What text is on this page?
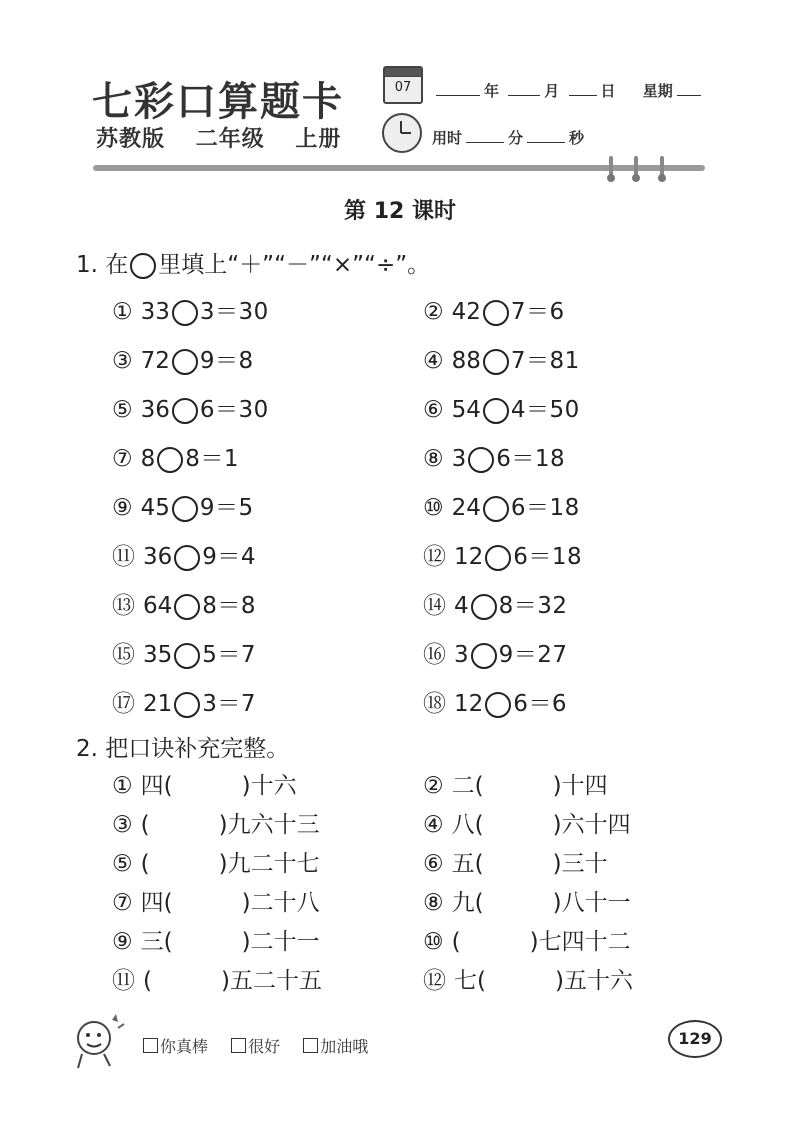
七彩口算题卡
苏教版 二年级 上册
07	年	月	日 星期
用时	分	秒
第 12 课时
1. 在 里填上“＋”“－”“×”“÷”。
① 33 3＝30	② 42 7＝6
③ 72 9＝8	④ 88 7＝81
⑤ 36 6＝30	⑥ 54 4＝50
⑦ 8 8＝1	⑧ 3 6＝18
⑨ 45 9＝5	⑩ 24 6＝18
⑪ 36 9＝4	⑫ 12 6＝18
⑬ 64 8＝8	⑭ 4 8＝32
⑮ 35 5＝7	⑯ 3 9＝27
⑰ 21 3＝7	⑱ 12 6＝6
2. 把口诀补充完整。
① 四(　　　)十六	② 二(　　　)十四
③ (　　　)九六十三	④ 八(　　　)六十四
⑤ (　　　)九二十七	⑥ 五(　　　)三十
⑦ 四(　　　)二十八	⑧ 九(　　　)八十一
⑨ 三(　　　)二十一	⑩ (　　　)七四十二
⑪ (　　　)五二十五	⑫ 七(　　　)五十六
你真棒	很好	加油哦	129
